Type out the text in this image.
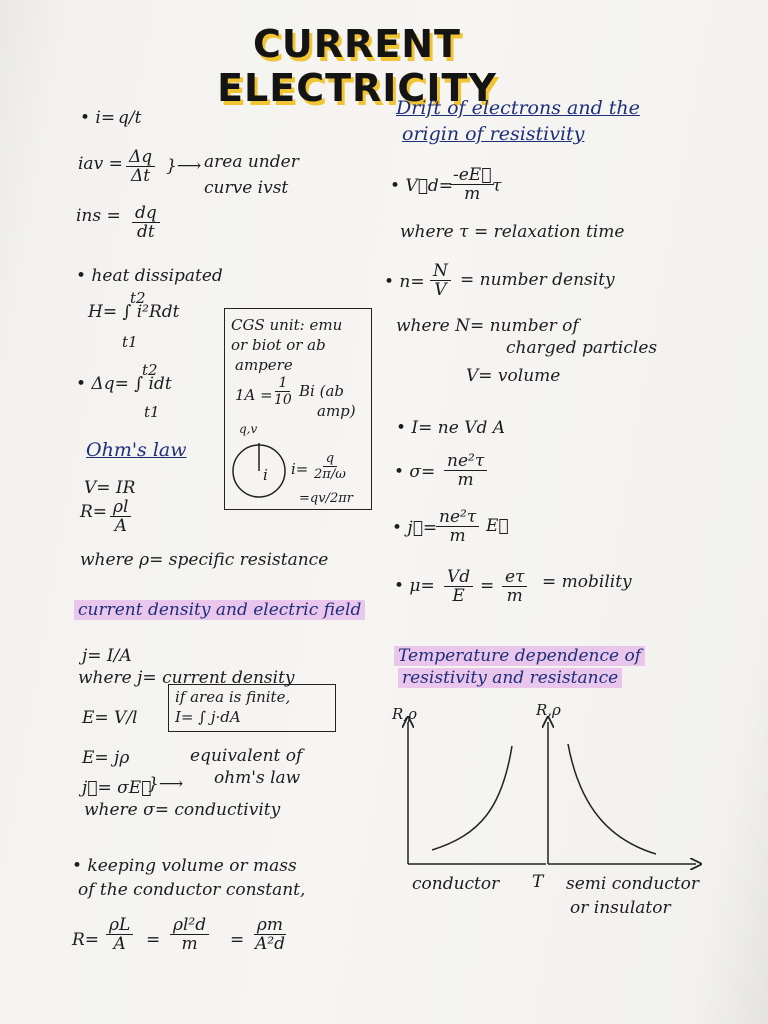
CURRENT ELECTRICITY
• i= q/t
iav = $\frac{\Delta q}{\Delta t}$ }⟶ area under
curve ivst
ins = $\frac{dq}{dt}$
• heat dissipated
t2
H= ∫ i²Rdt
t1
t2
• Δq= ∫ idt
t1
Ohm's law
V= IR
$R= \frac{\rho l}{A}$
where ρ= specific resistance
current density and electric field
j= I/A
where j= current density
if area is finite,
I= ∫ j·dA
E= V/l
E= jρ
j⃗= σE⃗
}⟶
equivalent of
ohm's law
where σ= conductivity
• keeping volume or mass
of the conductor constant,
$R= \frac{\rho L}{A} = \frac{\text{ρl²d}}{m} = \frac{\rho m}{\text{A²d}}$
CGS unit: emu
or biot or ab
ampere
1A =
$\frac{1}{10}$ Bi (ab
amp)
q,v
i $i= \frac{q}{2\pi/\omega}$
=qv/2πr
Drift of electrons and the
origin of resistivity
• V⃗d=
$\frac{-eE⃗}{m}$
τ
where τ = relaxation time
• $n= \frac{N}{V}$ = number density
where N= number of
charged particles
V= volume
• I= ne Vd A
• $\sigma= \frac{\text{ne²τ}}{m}$
• j⃗=
$\frac{\text{ne²τ}}{m}$ E⃗
• $\mu= \frac{Vd}{E} = \frac{e\tau}{m}$ = mobility
Temperature dependence of
resistivity and resistance
R,ρ	R,ρ
T
conductor	semi conductor
or insulator
